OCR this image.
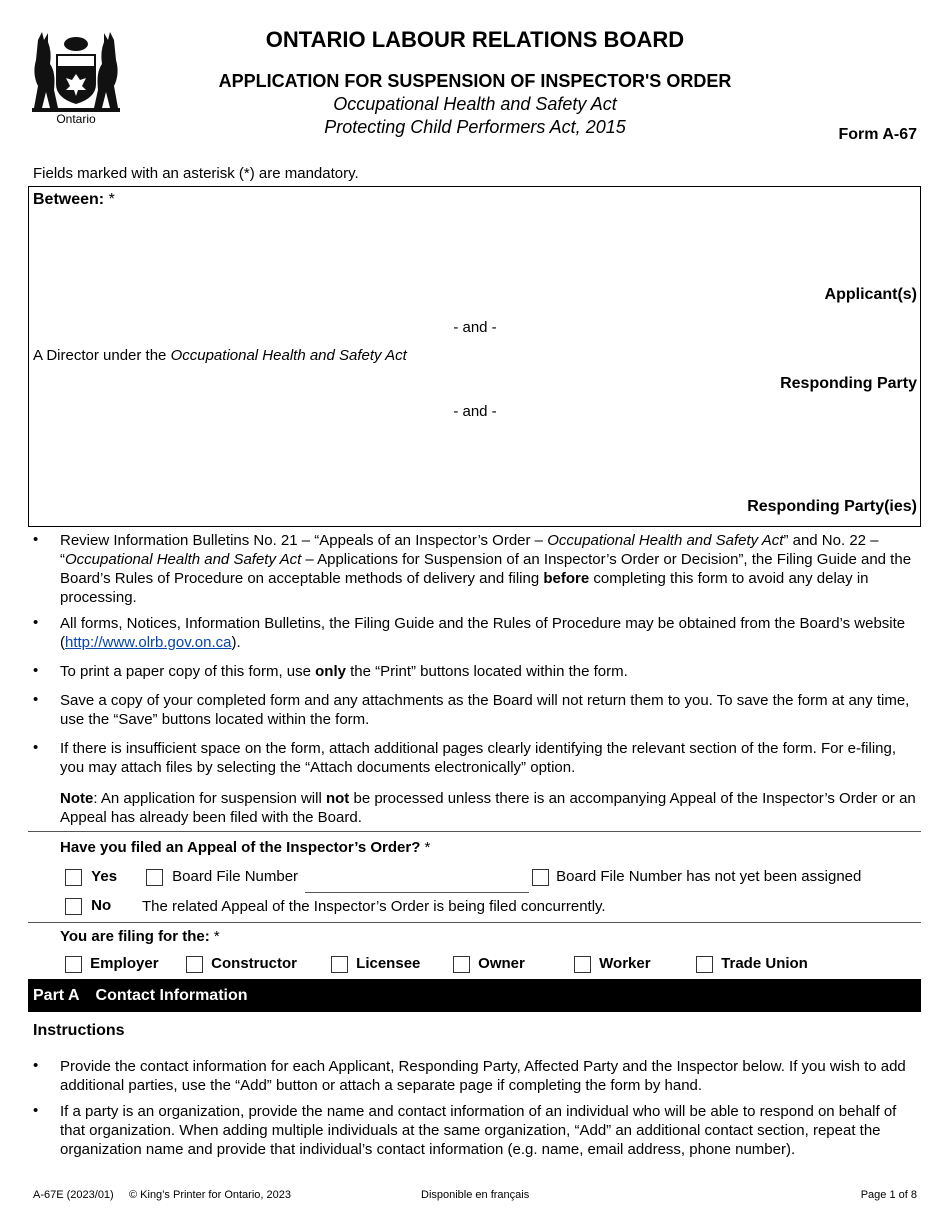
Ontario
ONTARIO LABOUR RELATIONS BOARD
APPLICATION FOR SUSPENSION OF INSPECTOR'S ORDER
Occupational Health and Safety Act
Protecting Child Performers Act, 2015	Form A-67
Fields marked with an asterisk (*) are mandatory.
Between: *
Applicant(s)
- and -
A Director under the Occupational Health and Safety Act
Responding Party
- and -
Responding Party(ies)
• Review Information Bulletins No. 21 – “Appeals of an Inspector’s Order – Occupational Health and Safety Act” and No. 22 – “Occupational Health and Safety Act – Applications for Suspension of an Inspector’s Order or Decision”, the Filing Guide and the Board’s Rules of Procedure on acceptable methods of delivery and filing before completing this form to avoid any delay in processing.
• All forms, Notices, Information Bulletins, the Filing Guide and the Rules of Procedure may be obtained from the Board’s website (http://www.olrb.gov.on.ca).
• To print a paper copy of this form, use only the “Print” buttons located within the form.
• Save a copy of your completed form and any attachments as the Board will not return them to you. To save the form at any time, use the “Save” buttons located within the form.
• If there is insufficient space on the form, attach additional pages clearly identifying the relevant section of the form. For e-filing, you may attach files by selecting the “Attach documents electronically” option.
Note: An application for suspension will not be processed unless there is an accompanying Appeal of the Inspector’s Order or an Appeal has already been filed with the Board.
Have you filed an Appeal of the Inspector’s Order? *
Yes	Board File Number	Board File Number has not yet been assigned
No The related Appeal of the Inspector’s Order is being filed concurrently.
You are filing for the: *
Employer	Constructor	Licensee	Owner	Worker	Trade Union
Part A Contact Information
Instructions
• Provide the contact information for each Applicant, Responding Party, Affected Party and the Inspector below. If you wish to add additional parties, use the “Add” button or attach a separate page if completing the form by hand.
• If a party is an organization, provide the name and contact information of an individual who will be able to respond on behalf of that organization. When adding multiple individuals at the same organization, “Add” an additional contact section, repeat the organization name and provide that individual’s contact information (e.g. name, email address, phone number).
A-67E (2023/01) © King’s Printer for Ontario, 2023	Disponible en français	Page 1 of 8
